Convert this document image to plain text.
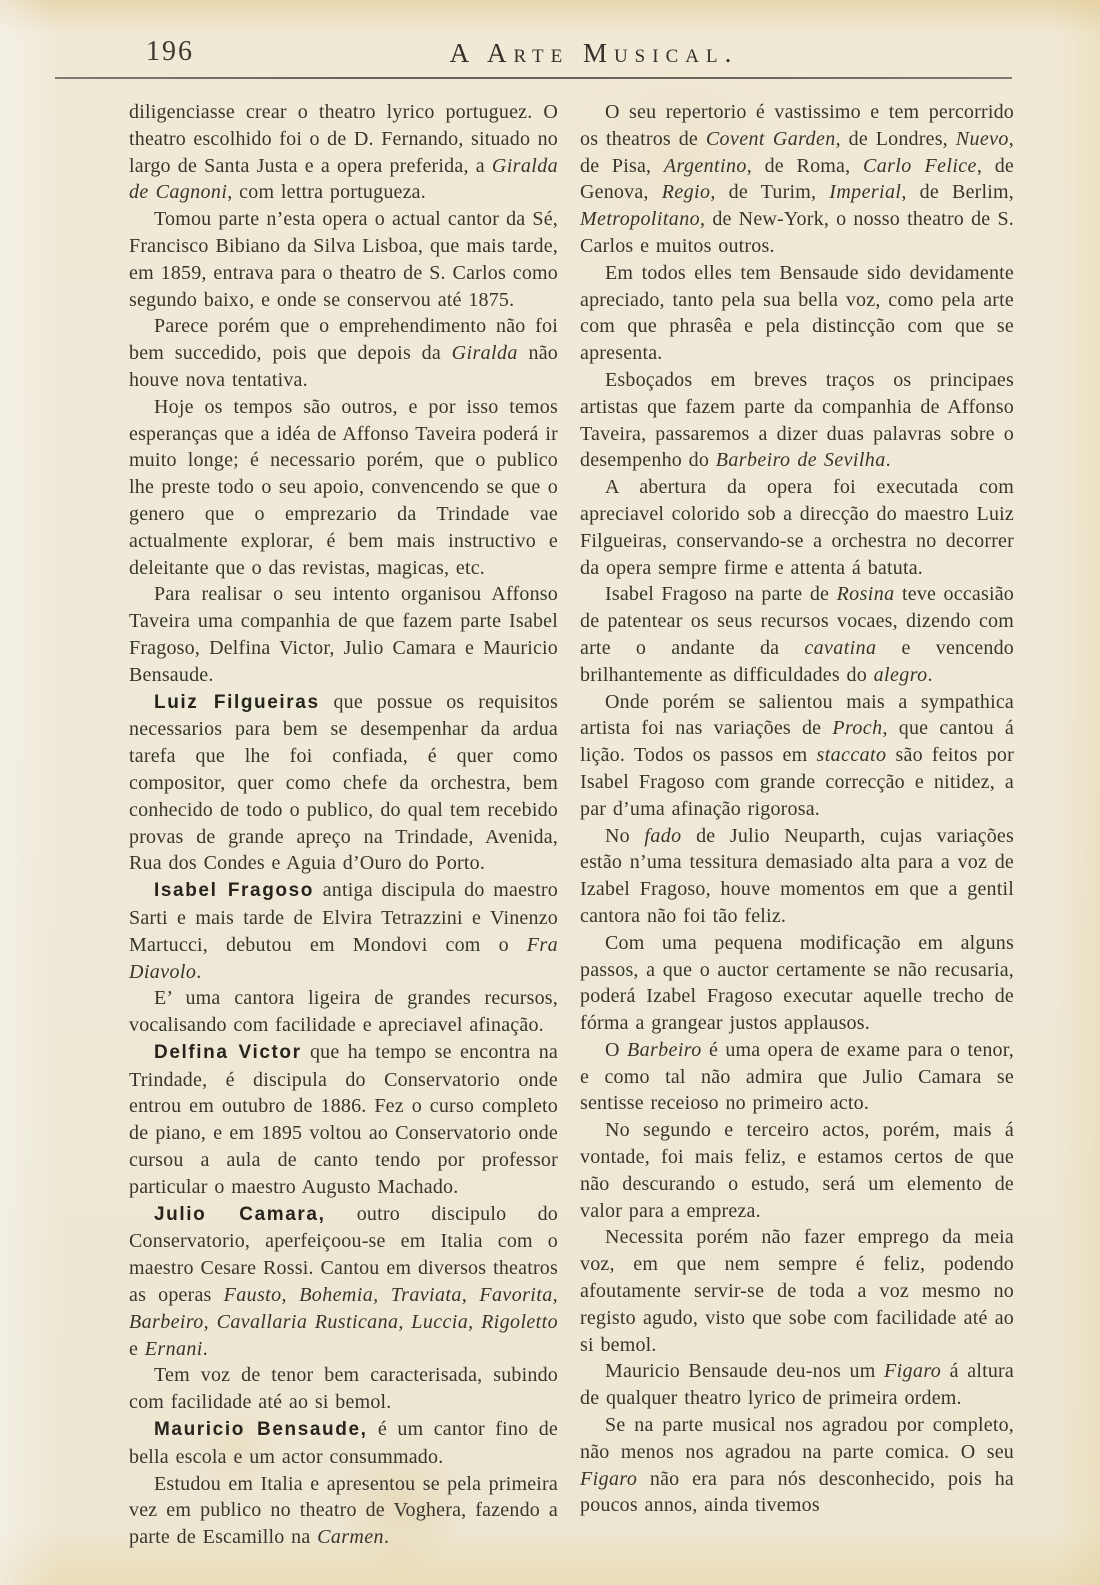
196	A Arte Musical.

diligenciasse crear o theatro lyrico portuguez. O theatro escolhido foi o de D. Fernando, situado no largo de Santa Justa e a opera preferida, a Giralda de Cagnoni, com lettra portugueza.

Tomou parte n’esta opera o actual cantor da Sé, Francisco Bibiano da Silva Lisboa, que mais tarde, em 1859, entrava para o theatro de S. Carlos como segundo baixo, e onde se conservou até 1875.

Parece porém que o emprehendimento não foi bem succedido, pois que depois da Giralda não houve nova tentativa.

Hoje os tempos são outros, e por isso temos esperanças que a idéa de Affonso Taveira poderá ir muito longe; é necessario porém, que o publico lhe preste todo o seu apoio, convencendo se que o genero que o emprezario da Trindade vae actualmente explorar, é bem mais instructivo e deleitante que o das revistas, magicas, etc.

Para realisar o seu intento organisou Affonso Taveira uma companhia de que fazem parte Isabel Fragoso, Delfina Victor, Julio Camara e Mauricio Bensaude.

Luiz Filgueiras que possue os requisitos necessarios para bem se desempenhar da ardua tarefa que lhe foi confiada, é quer como compositor, quer como chefe da orchestra, bem conhecido de todo o publico, do qual tem recebido provas de grande apreço na Trindade, Avenida, Rua dos Condes e Aguia d’Ouro do Porto.

Isabel Fragoso antiga discipula do maestro Sarti e mais tarde de Elvira Tetrazzini e Vinenzo Martucci, debutou em Mondovi com o Fra Diavolo.

E’ uma cantora ligeira de grandes recursos, vocalisando com facilidade e apreciavel afinação.

Delfina Victor que ha tempo se encontra na Trindade, é discipula do Conservatorio onde entrou em outubro de 1886. Fez o curso completo de piano, e em 1895 voltou ao Conservatorio onde cursou a aula de canto tendo por professor particular o maestro Augusto Machado.

Julio Camara, outro discipulo do Conservatorio, aperfeiçoou-se em Italia com o maestro Cesare Rossi. Cantou em diversos theatros as operas Fausto, Bohemia, Traviata, Favorita, Barbeiro, Cavallaria Rusticana, Luccia, Rigoletto e Ernani.

Tem voz de tenor bem caracterisada, subindo com facilidade até ao si bemol.

Mauricio Bensaude, é um cantor fino de bella escola e um actor consummado.

Estudou em Italia e apresentou se pela primeira vez em publico no theatro de Voghera, fazendo a parte de Escamillo na Carmen.

O seu repertorio é vastissimo e tem percorrido os theatros de Covent Garden, de Londres, Nuevo, de Pisa, Argentino, de Roma, Carlo Felice, de Genova, Regio, de Turim, Imperial, de Berlim, Metropolitano, de New-York, o nosso theatro de S. Carlos e muitos outros.

Em todos elles tem Bensaude sido devidamente apreciado, tanto pela sua bella voz, como pela arte com que phrasêa e pela distincção com que se apresenta.

Esboçados em breves traços os principaes artistas que fazem parte da companhia de Affonso Taveira, passaremos a dizer duas palavras sobre o desempenho do Barbeiro de Sevilha.

A abertura da opera foi executada com apreciavel colorido sob a direcção do maestro Luiz Filgueiras, conservando-se a orchestra no decorrer da opera sempre firme e attenta á batuta.

Isabel Fragoso na parte de Rosina teve occasião de patentear os seus recursos vocaes, dizendo com arte o andante da cavatina e vencendo brilhantemente as difficuldades do alegro.

Onde porém se salientou mais a sympathica artista foi nas variações de Proch, que cantou á lição. Todos os passos em staccato são feitos por Isabel Fragoso com grande correcção e nitidez, a par d’uma afinação rigorosa.

No fado de Julio Neuparth, cujas variações estão n’uma tessitura demasiado alta para a voz de Izabel Fragoso, houve momentos em que a gentil cantora não foi tão feliz.

Com uma pequena modificação em alguns passos, a que o auctor certamente se não recusaria, poderá Izabel Fragoso executar aquelle trecho de fórma a grangear justos applausos.

O Barbeiro é uma opera de exame para o tenor, e como tal não admira que Julio Camara se sentisse receioso no primeiro acto.

No segundo e terceiro actos, porém, mais á vontade, foi mais feliz, e estamos certos de que não descurando o estudo, será um elemento de valor para a empreza.

Necessita porém não fazer emprego da meia voz, em que nem sempre é feliz, podendo afoutamente servir-se de toda a voz mesmo no registo agudo, visto que sobe com facilidade até ao si bemol.

Mauricio Bensaude deu-nos um Figaro á altura de qualquer theatro lyrico de primeira ordem.

Se na parte musical nos agradou por completo, não menos nos agradou na parte comica. O seu Figaro não era para nós desconhecido, pois ha poucos annos, ainda tivemos
